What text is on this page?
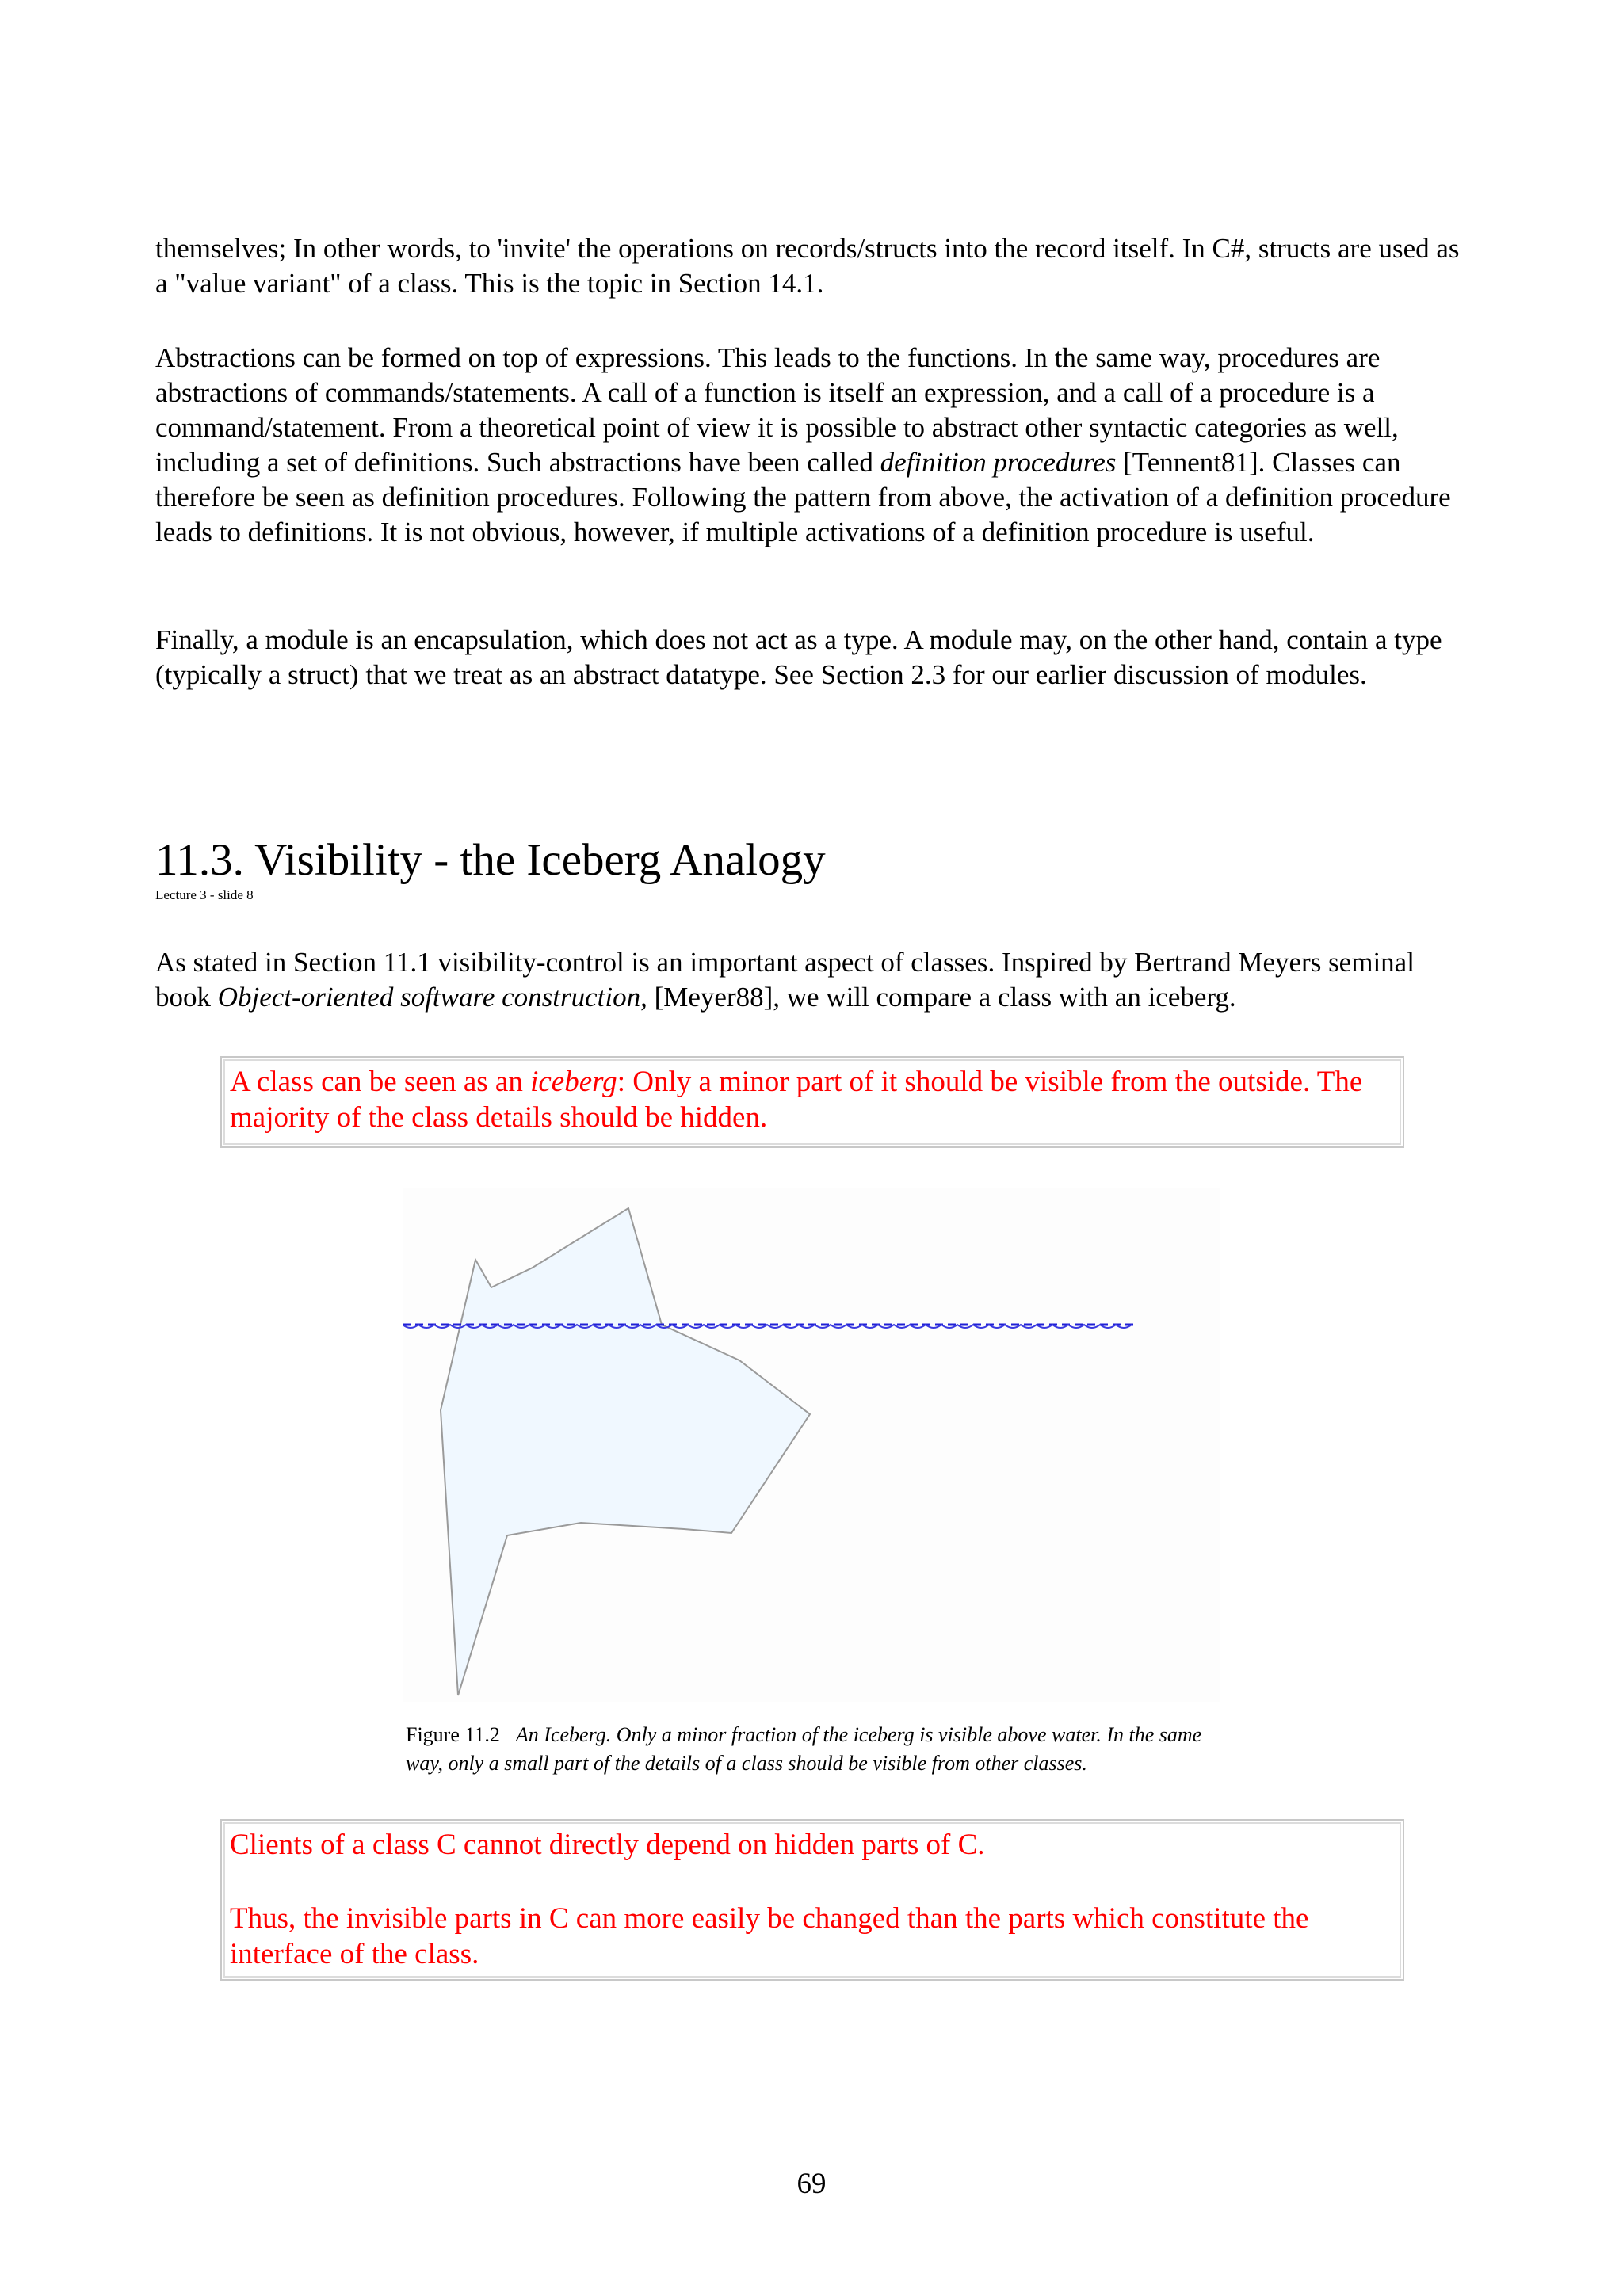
themselves; In other words, to 'invite' the operations on records/structs into the record itself. In C#, structs are used as a "value variant" of a class. This is the topic in Section 14.1.

Abstractions can be formed on top of expressions. This leads to the functions. In the same way, procedures are abstractions of commands/statements. A call of a function is itself an expression, and a call of a procedure is a command/statement. From a theoretical point of view it is possible to abstract other syntactic categories as well, including a set of definitions. Such abstractions have been called definition procedures [Tennent81]. Classes can therefore be seen as definition procedures. Following the pattern from above, the activation of a definition procedure leads to definitions. It is not obvious, however, if multiple activations of a definition procedure is useful.

Finally, a module is an encapsulation, which does not act as a type. A module may, on the other hand, contain a type (typically a struct) that we treat as an abstract datatype. See Section 2.3 for our earlier discussion of modules.

11.3. Visibility - the Iceberg Analogy
Lecture 3 - slide 8

As stated in Section 11.1 visibility-control is an important aspect of classes. Inspired by Bertrand Meyers seminal book Object-oriented software construction, [Meyer88], we will compare a class with an iceberg.

A class can be seen as an iceberg: Only a minor part of it should be visible from the outside. The majority of the class details should be hidden.
Figure 11.2 An Iceberg. Only a minor fraction of the iceberg is visible above water. In the same way, only a small part of the details of a class should be visible from other classes.

Clients of a class C cannot directly depend on hidden parts of C.

Thus, the invisible parts in C can more easily be changed than the parts which constitute the interface of the class.

69
